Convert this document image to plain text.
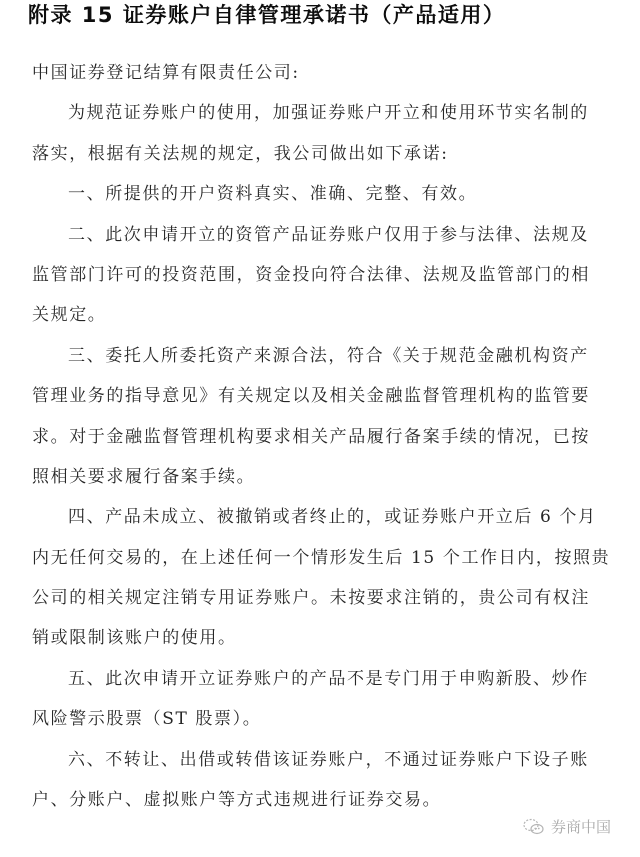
附录 15 证券账户自律管理承诺书（产品适用）
中国证券登记结算有限责任公司:
为规范证券账户的使用，加强证券账户开立和使用环节实名制的
落实，根据有关法规的规定，我公司做出如下承诺:
一、所提供的开户资料真实、准确、完整、有效。
二、此次申请开立的资管产品证券账户仅用于参与法律、法规及
监管部门许可的投资范围，资金投向符合法律、法规及监管部门的相
关规定。
三、委托人所委托资产来源合法，符合《关于规范金融机构资产
管理业务的指导意见》有关规定以及相关金融监督管理机构的监管要
求。对于金融监督管理机构要求相关产品履行备案手续的情况，已按
照相关要求履行备案手续。
四、产品未成立、被撤销或者终止的，或证券账户开立后 6 个月
内无任何交易的，在上述任何一个情形发生后 15 个工作日内，按照贵
公司的相关规定注销专用证券账户。未按要求注销的，贵公司有权注
销或限制该账户的使用。
五、此次申请开立证券账户的产品不是专门用于申购新股、炒作
风险警示股票（ST 股票）。
六、不转让、出借或转借该证券账户，不通过证券账户下设子账
户、分账户、虚拟账户等方式违规进行证券交易。
券商中国
